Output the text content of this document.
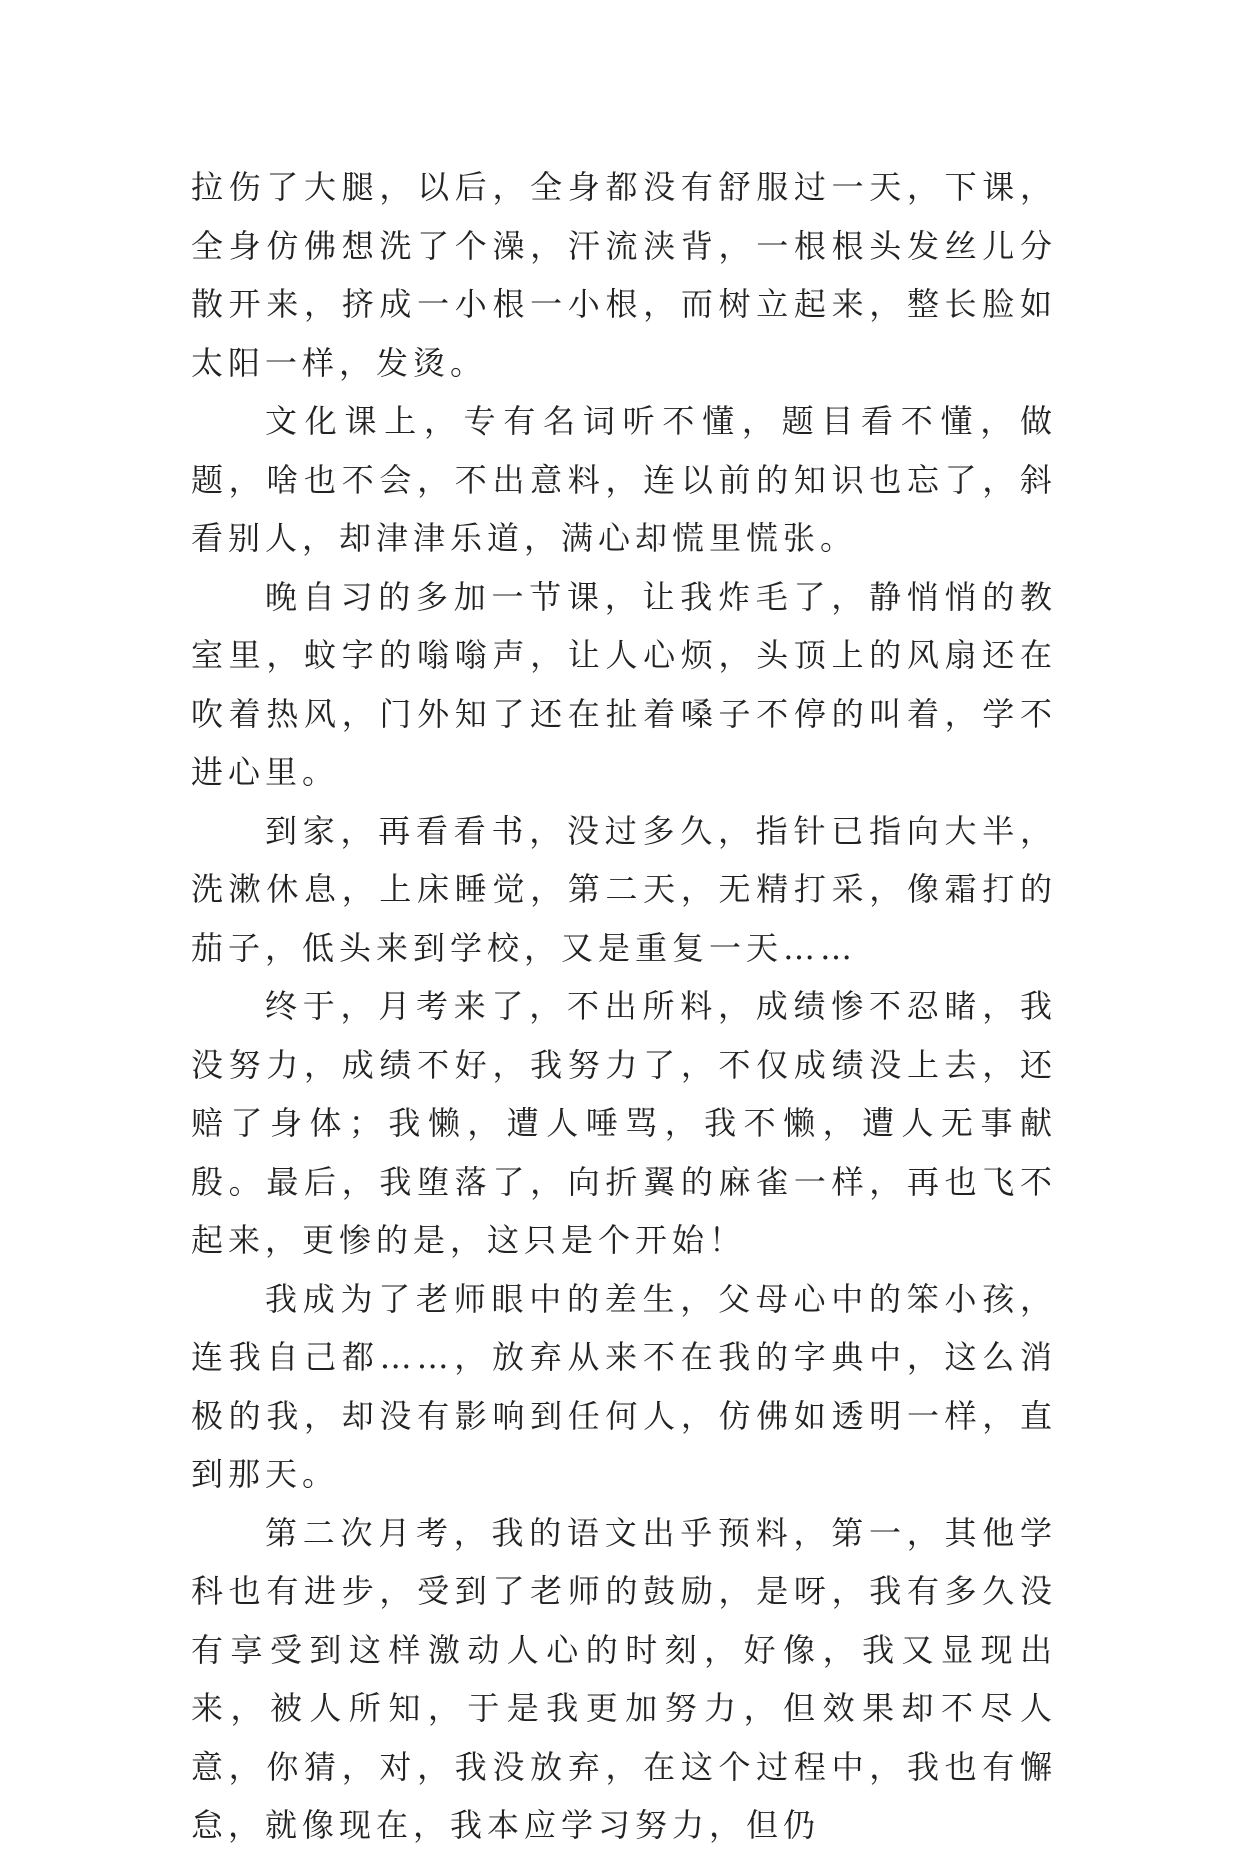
拉伤了大腿，以后，全身都没有舒服过一天，下课，全身仿佛想洗了个澡，汗流浃背，一根根头发丝儿分散开来，挤成一小根一小根，而树立起来，整长脸如太阳一样，发烫。

文化课上，专有名词听不懂，题目看不懂，做题，啥也不会，不出意料，连以前的知识也忘了，斜看别人，却津津乐道，满心却慌里慌张。

晚自习的多加一节课，让我炸毛了，静悄悄的教室里，蚊字的嗡嗡声，让人心烦，头顶上的风扇还在吹着热风，门外知了还在扯着嗓子不停的叫着，学不进心里。

到家，再看看书，没过多久，指针已指向大半，洗漱休息，上床睡觉，第二天，无精打采，像霜打的茄子，低头来到学校，又是重复一天……

终于，月考来了，不出所料，成绩惨不忍睹，我没努力，成绩不好，我努力了，不仅成绩没上去，还赔了身体；我懒，遭人唾骂，我不懒，遭人无事献殷。最后，我堕落了，向折翼的麻雀一样，再也飞不起来，更惨的是，这只是个开始！

我成为了老师眼中的差生，父母心中的笨小孩，连我自己都……，放弃从来不在我的字典中，这么消极的我，却没有影响到任何人，仿佛如透明一样，直到那天。

第二次月考，我的语文出乎预料，第一，其他学科也有进步，受到了老师的鼓励，是呀，我有多久没有享受到这样激动人心的时刻，好像，我又显现出来，被人所知，于是我更加努力，但效果却不尽人意，你猜，对，我没放弃，在这个过程中，我也有懈怠，就像现在，我本应学习努力，但仍
